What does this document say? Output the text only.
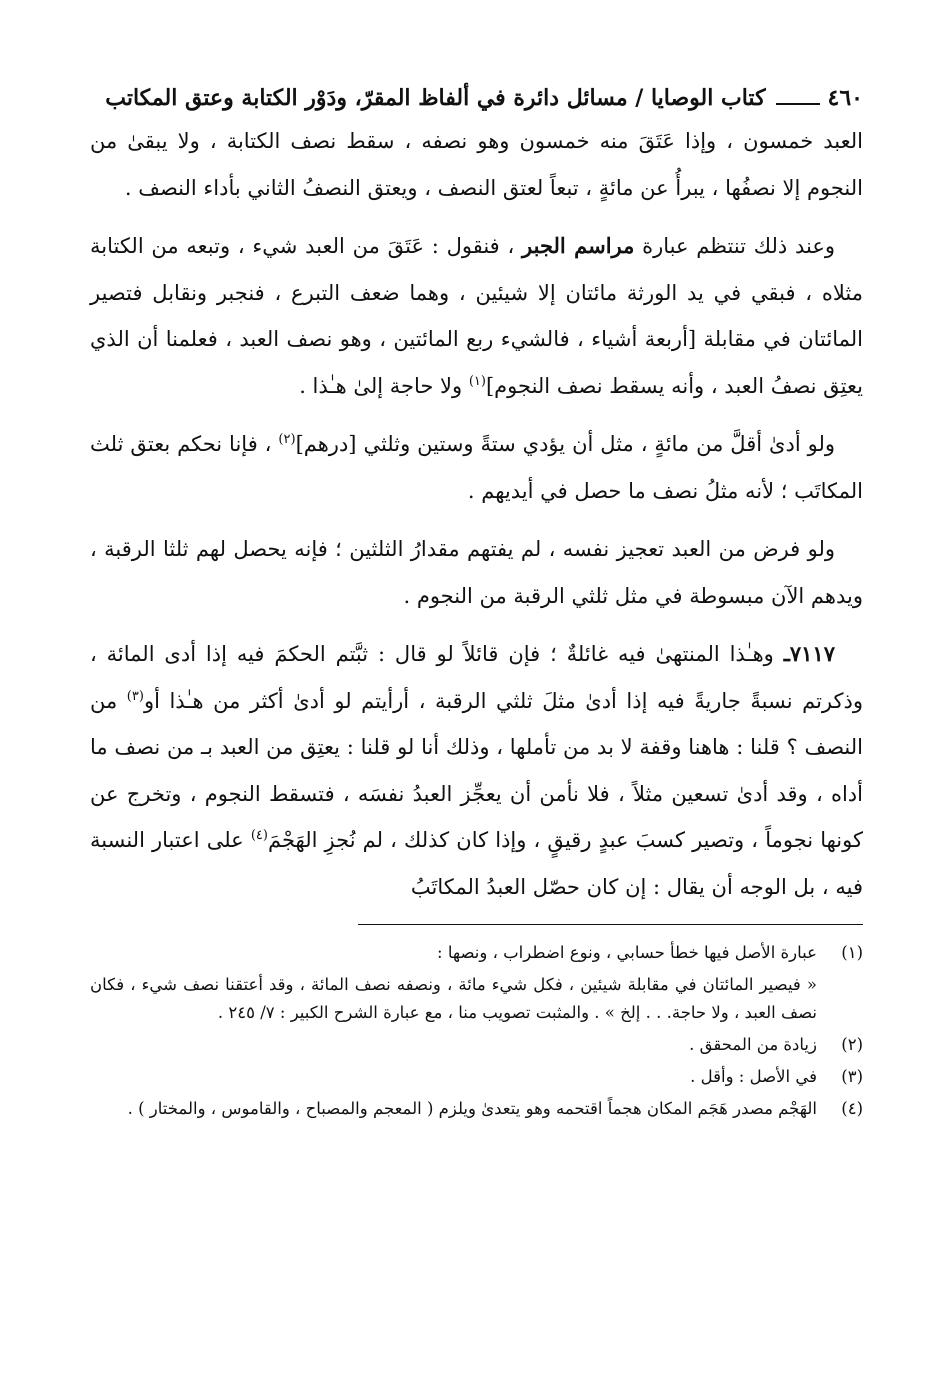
٤٦٠
كتاب الوصايا / مسائل دائرة في ألفاظ المقرّ، ودَوْر الكتابة وعتق المكاتب

العبد خمسون ، وإذا عَتَقَ منه خمسون وهو نصفه ، سقط نصف الكتابة ، ولا يبقىٰ من النجوم إلا نصفُها ، يبرأُ عن مائةٍ ، تبعاً لعتق النصف ، ويعتق النصفُ الثاني بأداء النصف .

وعند ذلك تنتظم عبارة مراسم الجبر ، فنقول : عَتَقَ من العبد شيء ، وتبعه من الكتابة مثلاه ، فبقي في يد الورثة مائتان إلا شيئين ، وهما ضعف التبرع ، فنجبر ونقابل فتصير المائتان في مقابلة [أربعة أشياء ، فالشيء ربع المائتين ، وهو نصف العبد ، فعلمنا أن الذي يعتِق نصفُ العبد ، وأنه يسقط نصف النجوم]$^{(١)}$ ولا حاجة إلىٰ هـٰذا .

ولو أدىٰ أقلَّ من مائةٍ ، مثل أن يؤدي ستةً وستين وثلثي [درهم]$^{(٢)}$ ، فإنا نحكم بعتق ثلث المكاتَب ؛ لأنه مثلُ نصف ما حصل في أيديهم .

ولو فرض من العبد تعجيز نفسه ، لم يفتهم مقدارُ الثلثين ؛ فإنه يحصل لهم ثلثا الرقبة ، ويدهم الآن مبسوطة في مثل ثلثي الرقبة من النجوم .

٧١١٧ـ وهـٰذا المنتهىٰ فيه غائلةٌ ؛ فإن قائلاً لو قال : ثبَّتم الحكمَ فيه إذا أدى المائة ، وذكرتم نسبةً جاريةً فيه إذا أدىٰ مثلَ ثلثي الرقبة ، أرأيتم لو أدىٰ أكثر من هـٰذا أو$^{(٣)}$ من النصف ؟ قلنا : هاهنا وقفة لا بد من تأملها ، وذلك أنا لو قلنا : يعتِق من العبد بـ من نصف ما أداه ، وقد أدىٰ تسعين مثلاً ، فلا نأمن أن يعجِّز العبدُ نفسَه ، فتسقط النجوم ، وتخرج عن كونها نجوماً ، وتصير كسبَ عبدٍ رقيقٍ ، وإذا كان كذلك ، لم نُجزِ الهَجْمَ$^{(٤)}$ على اعتبار النسبة فيه ، بل الوجه أن يقال : إن كان حصّل العبدُ المكاتَبُ

(١)
عبارة الأصل فيها خطأ حسابي ، ونوع اضطراب ، ونصها :
« فيصير المائتان في مقابلة شيئين ، فكل شيء مائة ، ونصفه نصف المائة ، وقد أعتقنا نصف شيء ، فكان نصف العبد ، ولا حاجة. . . إلخ » . والمثبت تصويب منا ، مع عبارة الشرح الكبير : ٧/ ٢٤٥ .
(٢)
زيادة من المحقق .
(٣)
في الأصل : وأقل .
(٤)
الهَجْم مصدر هَجَم المكان هجماً اقتحمه وهو يتعدىٰ ويلزم ( المعجم والمصباح ، والقاموس ، والمختار ) .
